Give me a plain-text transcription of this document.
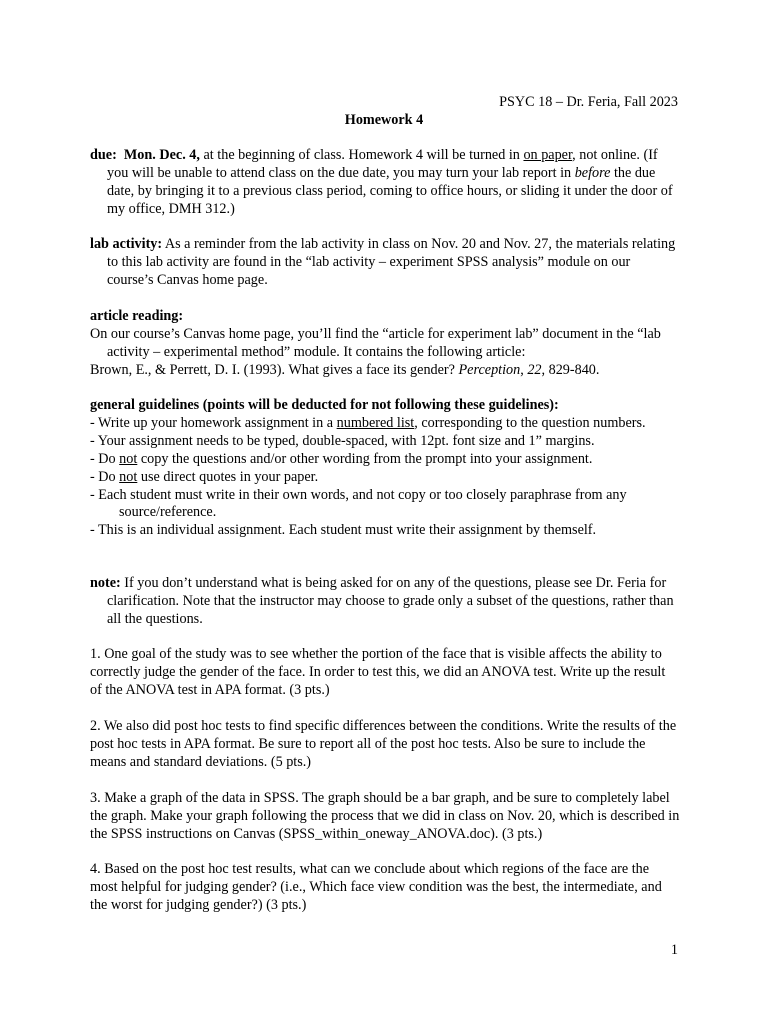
PSYC 18 – Dr. Feria, Fall 2023
Homework 4

due: Mon. Dec. 4, at the beginning of class. Homework 4 will be turned in on paper, not online. (If you will be unable to attend class on the due date, you may turn your lab report in before the due date, by bringing it to a previous class period, coming to office hours, or sliding it under the door of my office, DMH 312.)

lab activity: As a reminder from the lab activity in class on Nov. 20 and Nov. 27, the materials relating to this lab activity are found in the “lab activity – experiment SPSS analysis” module on our course’s Canvas home page.

article reading:

On our course’s Canvas home page, you’ll find the “article for experiment lab” document in the “lab activity – experimental method” module. It contains the following article:

Brown, E., & Perrett, D. I. (1993). What gives a face its gender? Perception, 22, 829-840.

general guidelines (points will be deducted for not following these guidelines):

- Write up your homework assignment in a numbered list, corresponding to the question numbers.

- Your assignment needs to be typed, double-spaced, with 12pt. font size and 1” margins.

- Do not copy the questions and/or other wording from the prompt into your assignment.

- Do not use direct quotes in your paper.

- Each student must write in their own words, and not copy or too closely paraphrase from any source/reference.

- This is an individual assignment. Each student must write their assignment by themself.

note: If you don’t understand what is being asked for on any of the questions, please see Dr. Feria for clarification. Note that the instructor may choose to grade only a subset of the questions, rather than all the questions.

1. One goal of the study was to see whether the portion of the face that is visible affects the ability to correctly judge the gender of the face. In order to test this, we did an ANOVA test. Write up the result of the ANOVA test in APA format. (3 pts.)
2. We also did post hoc tests to find specific differences between the conditions. Write the results of the post hoc tests in APA format. Be sure to report all of the post hoc tests. Also be sure to include the means and standard deviations. (5 pts.)
3. Make a graph of the data in SPSS. The graph should be a bar graph, and be sure to completely label the graph. Make your graph following the process that we did in class on Nov. 20, which is described in the SPSS instructions on Canvas (SPSS_within_oneway_ANOVA.doc). (3 pts.)
4. Based on the post hoc test results, what can we conclude about which regions of the face are the most helpful for judging gender? (i.e., Which face view condition was the best, the intermediate, and the worst for judging gender?) (3 pts.)
1
